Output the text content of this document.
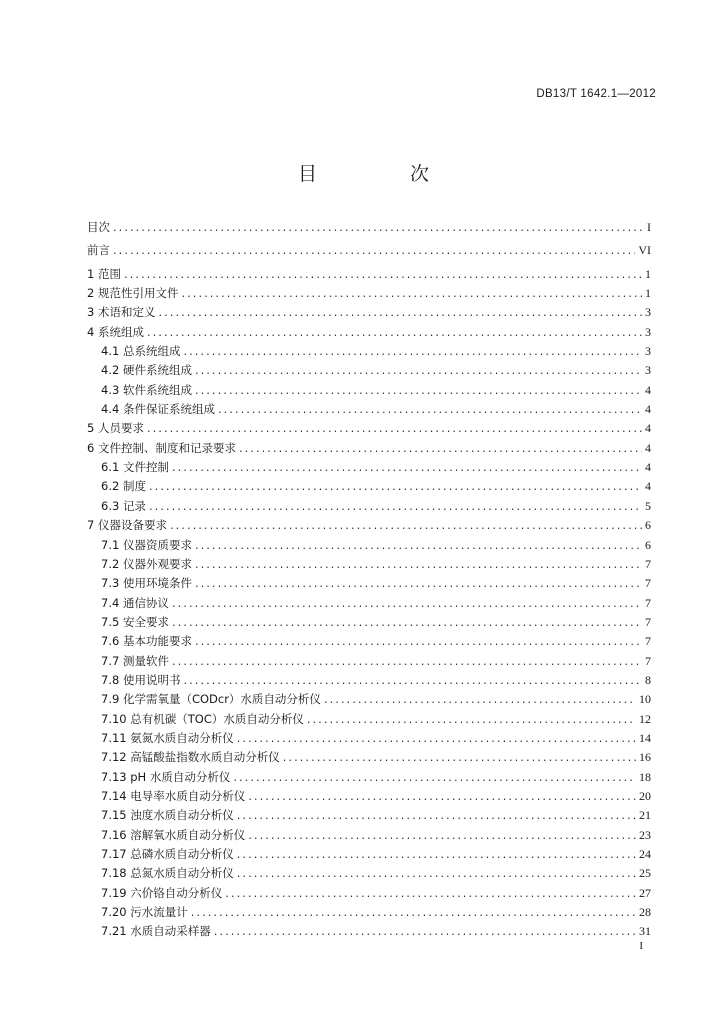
DB13/T 1642.1—2012
目　次
目次 .....	I
前言 .....	VI
1 范围 .....	1
2 规范性引用文件 .....	1
3 术语和定义 .....	3
4 系统组成 .....	3
4.1 总系统组成 .....	3
4.2 硬件系统组成 .....	3
4.3 软件系统组成 .....	4
4.4 条件保证系统组成 .....	4
5 人员要求 .....	4
6 文件控制、制度和记录要求 .....	4
6.1 文件控制 .....	4
6.2 制度 .....	4
6.3 记录 .....	5
7 仪器设备要求 .....	6
7.1 仪器资质要求 .....	6
7.2 仪器外观要求 .....	7
7.3 使用环境条件 .....	7
7.4 通信协议 .....	7
7.5 安全要求 .....	7
7.6 基本功能要求 .....	7
7.7 测量软件 .....	7
7.8 使用说明书 .....	8
7.9 化学需氧量（CODcr）水质自动分析仪 .....	10
7.10 总有机碳（TOC）水质自动分析仪 .....	12
7.11 氨氮水质自动分析仪 .....	14
7.12 高锰酸盐指数水质自动分析仪 .....	16
7.13 pH 水质自动分析仪 .....	18
7.14 电导率水质自动分析仪 .....	20
7.15 浊度水质自动分析仪 .....	21
7.16 溶解氧水质自动分析仪 .....	23
7.17 总磷水质自动分析仪 .....	24
7.18 总氮水质自动分析仪 .....	25
7.19 六价铬自动分析仪 .....	27
7.20 污水流量计 .....	28
7.21 水质自动采样器 .....	31
I
